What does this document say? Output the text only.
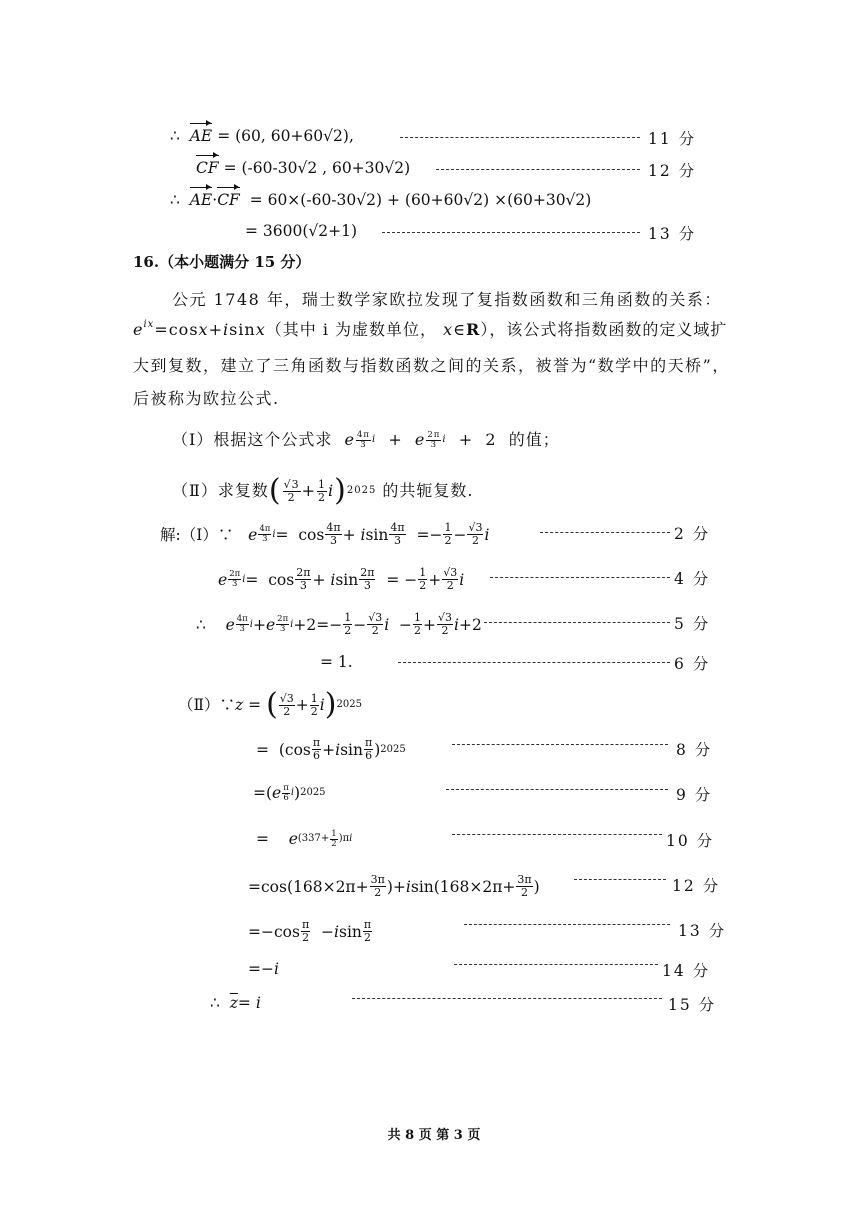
∴
AE
= (60, 60+60√2),	11 分
CF
= (-60-30√2 , 60+30√2)	12 分
∴
AE · CF
= 60×(-60-30√2) + (60+60√2) ×(60+30√2)
= 3600(√2+1)	13 分
16.（本小题满分 15 分）
公元 1748 年，瑞士数学家欧拉发现了复指数函数和三角函数的关系：
$e^{ix} =\cos$ x + i sin x （其中 i 为虚数单位，
x ∈ R ），该公式将指数函数的定义域扩
大到复数，建立了三角函数与指数函数之间的关系，被誉为“数学中的天桥”，
后被称为欧拉公式.
（Ⅰ）根据这个公式求
e $\frac{4\pi}{3}$ i + e $\frac{2\pi}{3}$ i +  2 的值；
（Ⅱ）求复数 ( $\frac{√3}{2} + \frac{1}{2}$ i ) 2025
的共轭复数.
解:（Ⅰ）∵
e $\frac{4\pi}{3}$ $i = \cos \frac{4\pi}{3} + i$ $\sin \frac{4\pi}{3} =- \frac{1}{2} - \frac{√3}{2}$ i	2 分
e $\frac{2\pi}{3}$ $i = \cos \frac{2\pi}{3} + i$ $\sin \frac{2\pi}{3}$ = − $\frac{1}{2} + \frac{√3}{2}$ i	4 分
∴ e $\frac{4\pi}{3}$ i + e $\frac{2\pi}{3}$ $i +2=- \frac{1}{2} - \frac{√3}{2}$ $i - \frac{1}{2} + \frac{√3}{2}$ i +2	5 分
= 1.	6 分
（Ⅱ）∵ z = ( $\frac{√3}{2} + \frac{1}{2}$ i ) 2025
=  ($\cos \frac{\pi}{6} + i$ $\sin \frac{\pi}{6}$ ) 2025	8 分
=( e $\frac{\pi}{6}$ i ) 2025	9 分
= e $(337+ \frac{1}{2} )\pi$ i	10 分
$=\cos(168\times 2\pi+ \frac{3\pi}{2}$ )+ i $\sin(168\times 2\pi+ \frac{3\pi}{2}$ )	12 分
$=-\cos \frac{\pi}{2} - i$ $\sin \frac{\pi}{2}$	13 分
=− i	14 分
∴ $\overline{z} = i$	15 分
共 8 页 第 3 页
